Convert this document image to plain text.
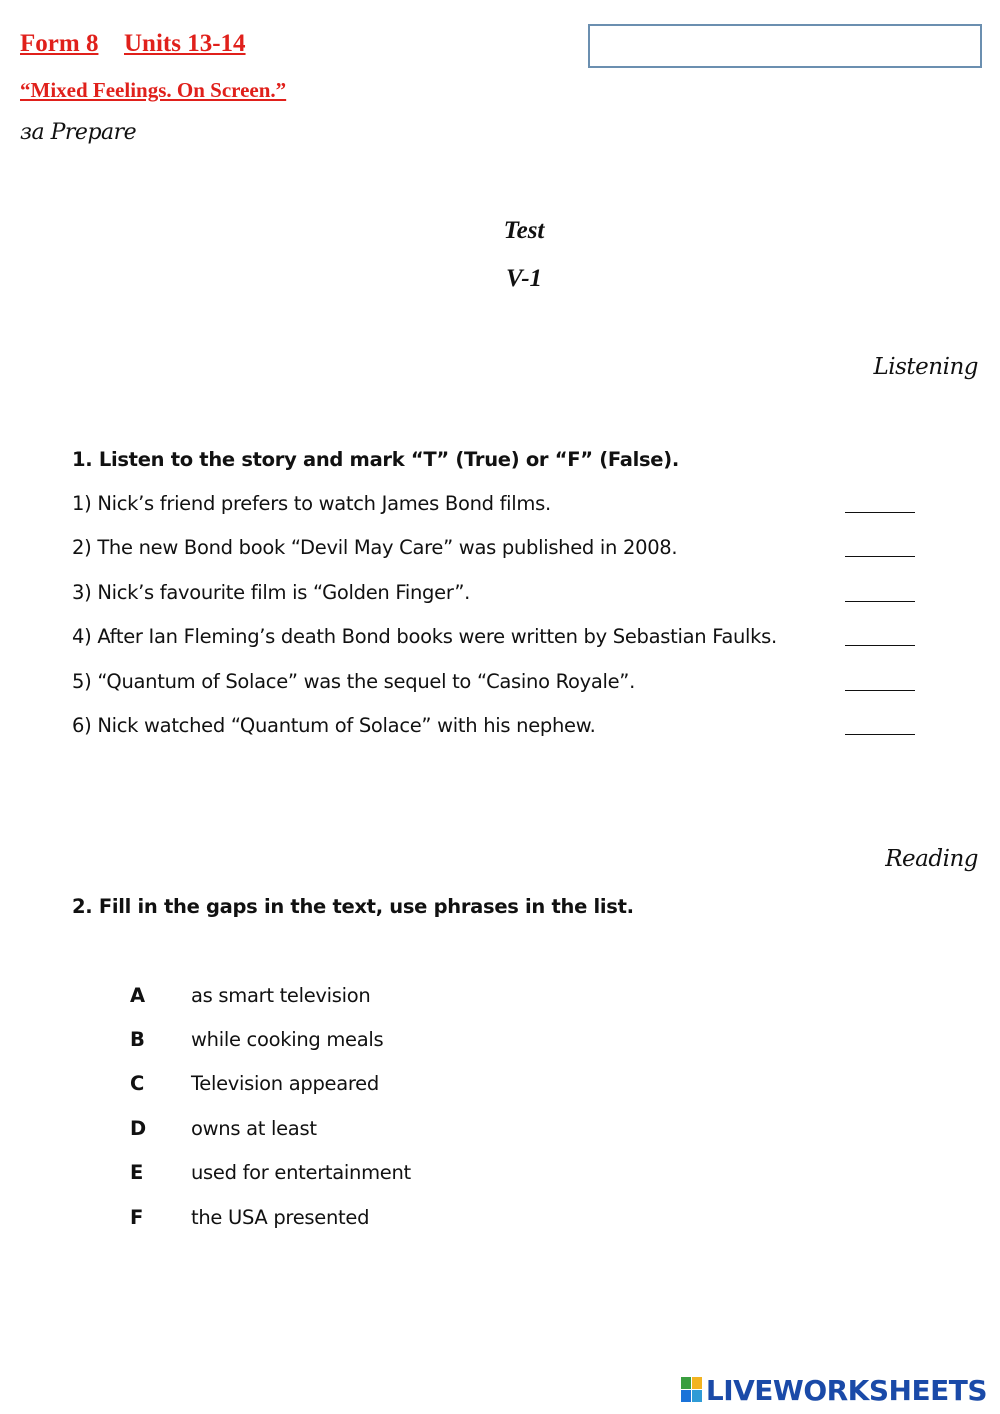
Form 8 Units 13-14
“Mixed Feelings. On Screen.”
за Prepare
Test
V-1
Listening
1. Listen to the story and mark “T” (True) or “F” (False).
1) Nick’s friend prefers to watch James Bond films.
2) The new Bond book “Devil May Care” was published in 2008.
3) Nick’s favourite film is “Golden Finger”.
4) After Ian Fleming’s death Bond books were written by Sebastian Faulks.
5) “Quantum of Solace” was the sequel to “Casino Royale”.
6) Nick watched “Quantum of Solace” with his nephew.
Reading
2. Fill in the gaps in the text, use phrases in the list.
A as smart television
B while cooking meals
C Television appeared
D owns at least
E used for entertainment
F the USA presented
LIVEWORKSHEETS
